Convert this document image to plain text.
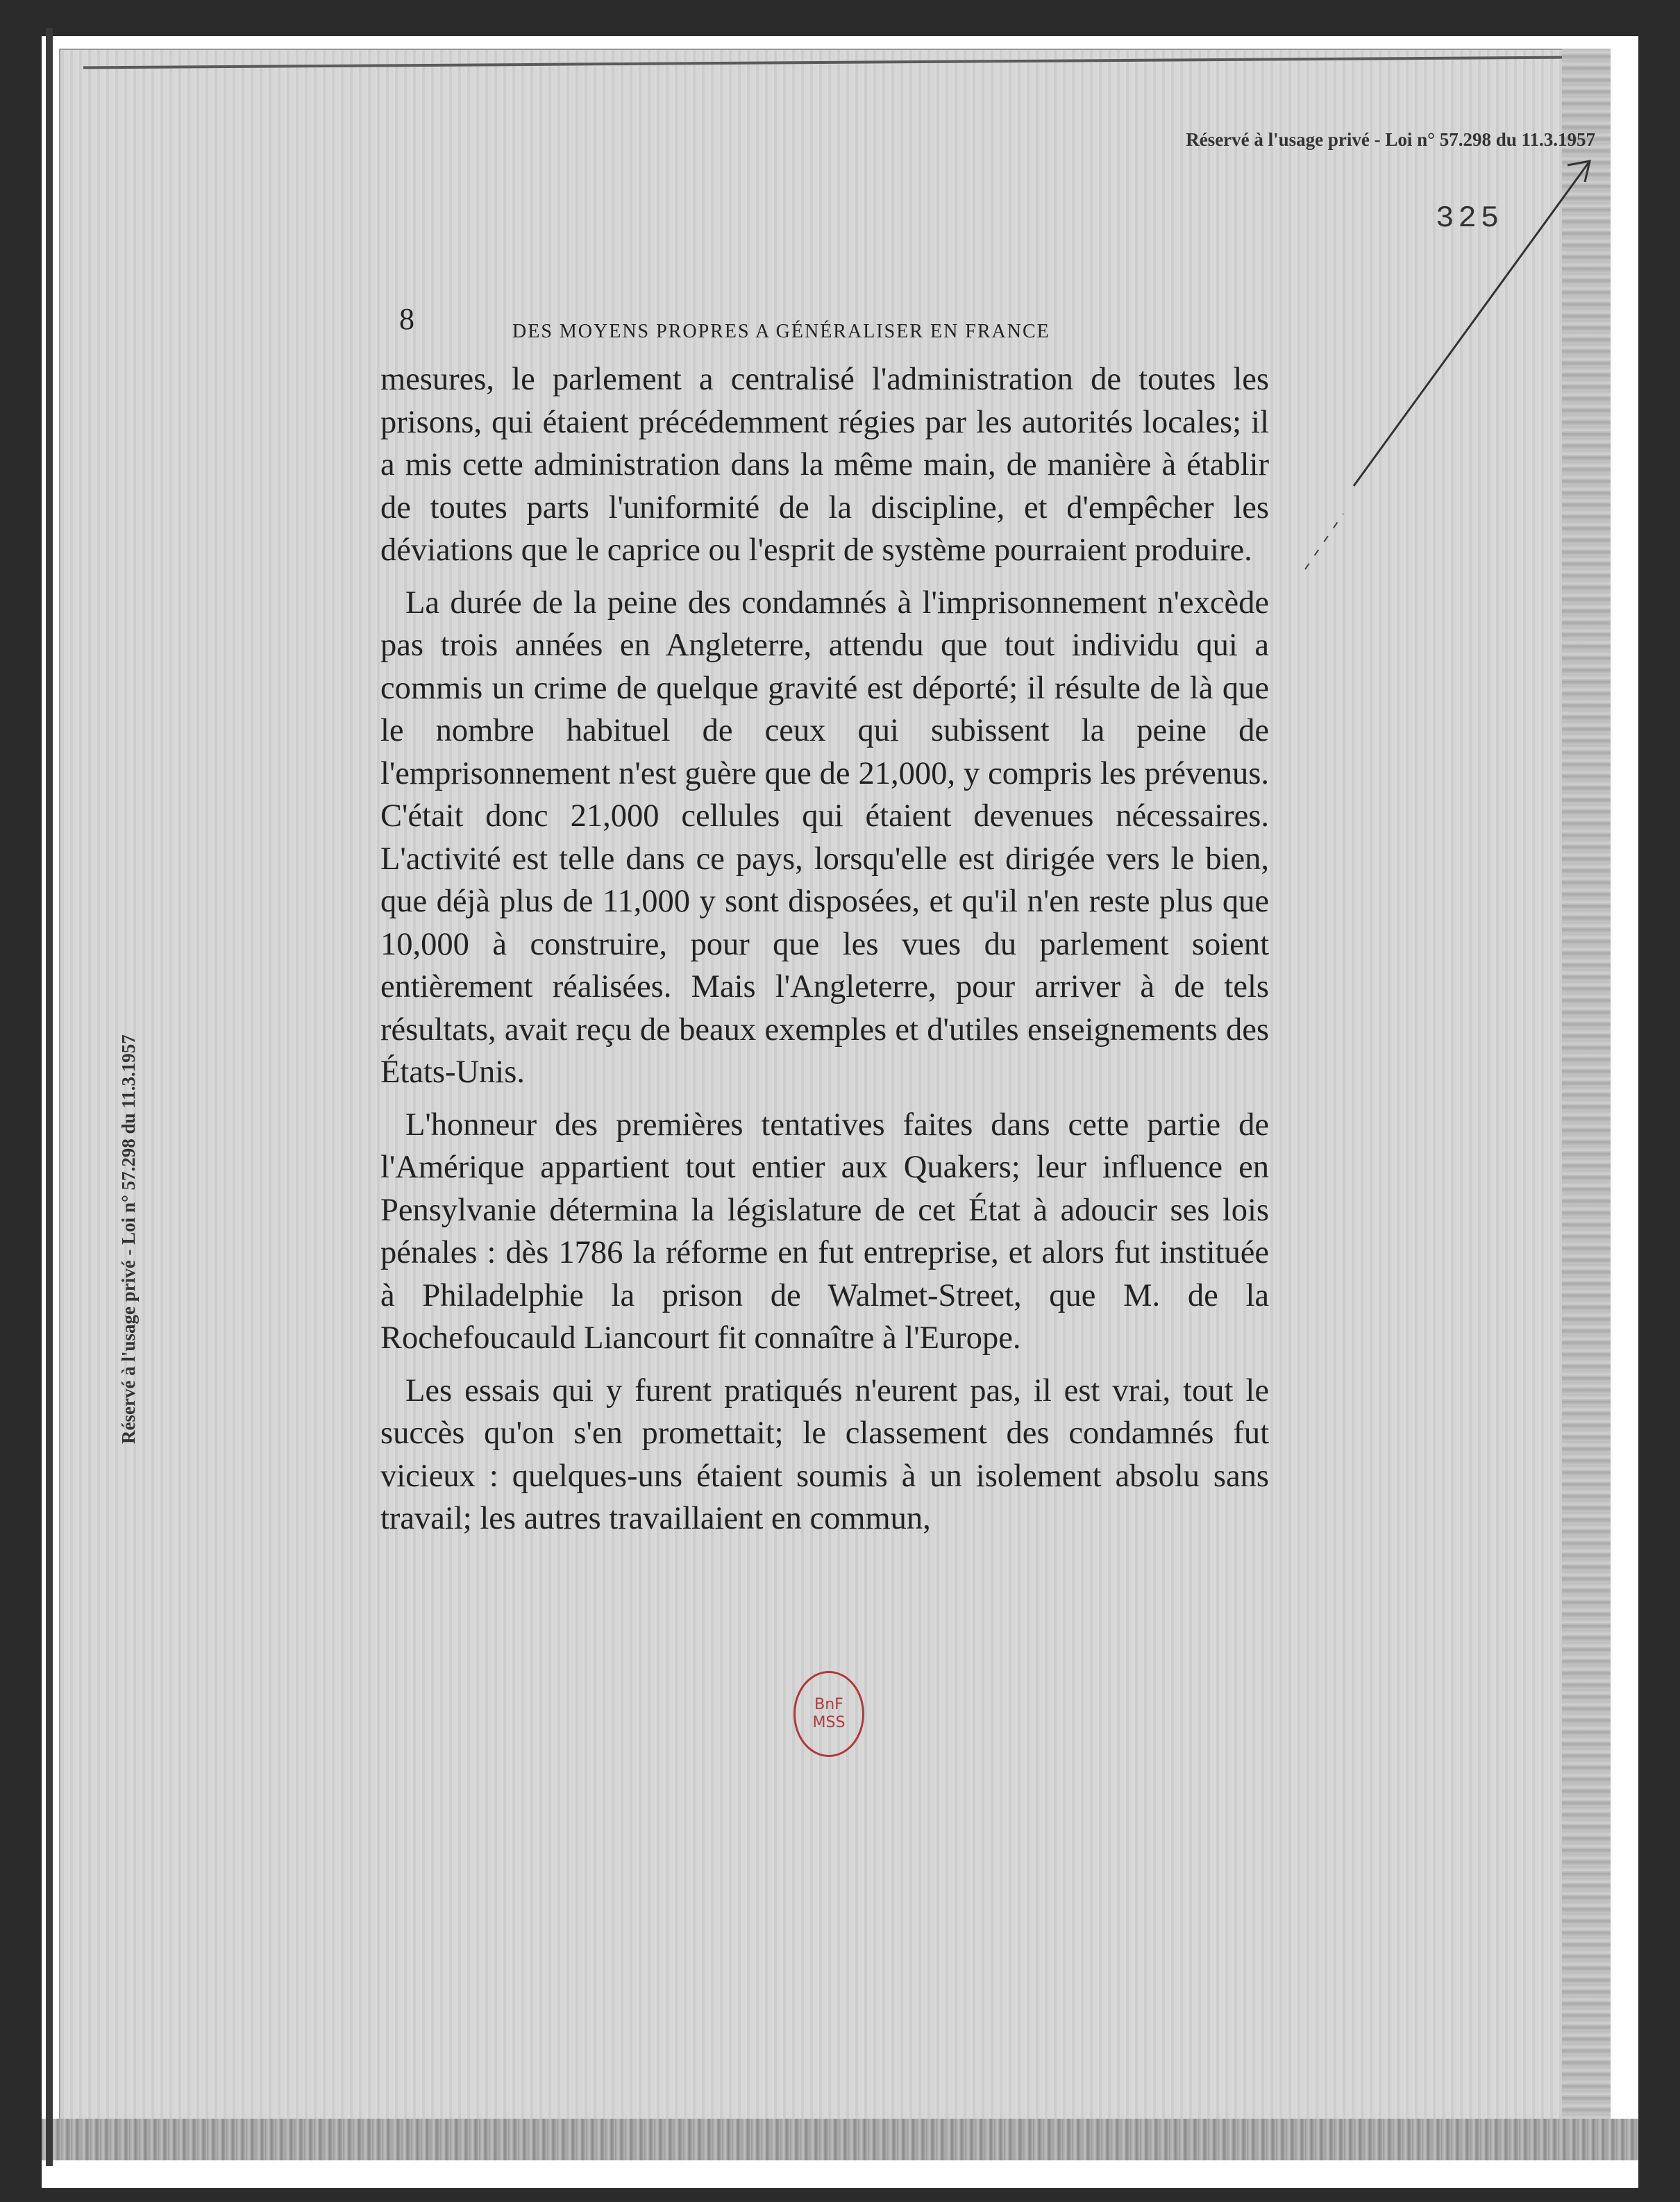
Réservé à l'usage privé - Loi n° 57.298 du 11.3.1957
325
Réservé à l'usage privé - Loi n° 57.298 du 11.3.1957
8	DES MOYENS PROPRES A GÉNÉRALISER EN FRANCE

mesures, le parlement a centralisé l'administration de toutes les prisons, qui étaient précédemment régies par les autorités locales; il a mis cette administration dans la même main, de manière à établir de toutes parts l'uniformité de la discipline, et d'empêcher les déviations que le caprice ou l'esprit de système pourraient produire.

La durée de la peine des condamnés à l'imprisonnement n'excède pas trois années en Angleterre, attendu que tout individu qui a commis un crime de quelque gravité est déporté; il résulte de là que le nombre habituel de ceux qui subissent la peine de l'emprisonnement n'est guère que de 21,000, y compris les prévenus. C'était donc 21,000 cellules qui étaient devenues nécessaires. L'activité est telle dans ce pays, lorsqu'elle est dirigée vers le bien, que déjà plus de 11,000 y sont disposées, et qu'il n'en reste plus que 10,000 à construire, pour que les vues du parlement soient entièrement réalisées. Mais l'Angleterre, pour arriver à de tels résultats, avait reçu de beaux exemples et d'utiles enseignements des États-Unis.

L'honneur des premières tentatives faites dans cette partie de l'Amérique appartient tout entier aux Quakers; leur influence en Pensylvanie détermina la législature de cet État à adoucir ses lois pénales : dès 1786 la réforme en fut entreprise, et alors fut instituée à Philadelphie la prison de Walmet-Street, que M. de la Rochefoucauld Liancourt fit connaître à l'Europe.

Les essais qui y furent pratiqués n'eurent pas, il est vrai, tout le succès qu'on s'en promettait; le classement des condamnés fut vicieux : quelques-uns étaient soumis à un isolement absolu sans travail; les autres travaillaient en commun,

BnF
MSS
